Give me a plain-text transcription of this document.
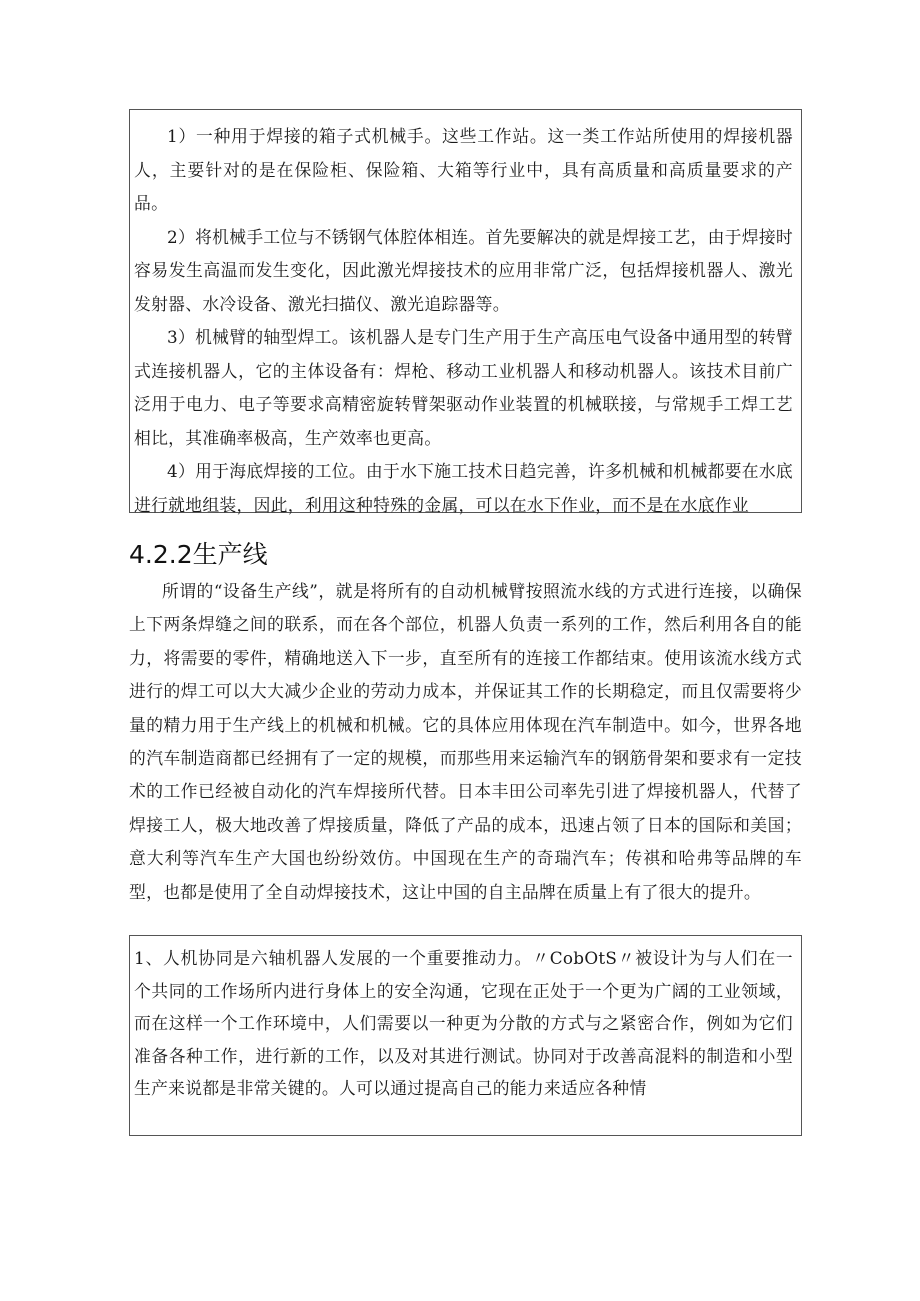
1）一种用于焊接的箱子式机械手。这些工作站。这一类工作站所使用的焊接机器人，主要针对的是在保险柜、保险箱、大箱等行业中，具有高质量和高质量要求的产品。

2）将机械手工位与不锈钢气体腔体相连。首先要解决的就是焊接工艺，由于焊接时容易发生高温而发生变化，因此激光焊接技术的应用非常广泛，包括焊接机器人、激光发射器、水冷设备、激光扫描仪、激光追踪器等。

3）机械臂的轴型焊工。该机器人是专门生产用于生产高压电气设备中通用型的转臂式连接机器人，它的主体设备有：焊枪、移动工业机器人和移动机器人。该技术目前广泛用于电力、电子等要求高精密旋转臂架驱动作业装置的机械联接，与常规手工焊工艺相比，其准确率极高，生产效率也更高。

4）用于海底焊接的工位。由于水下施工技术日趋完善，许多机械和机械都要在水底进行就地组装，因此，利用这种特殊的金属，可以在水下作业，而不是在水底作业

4.2.2生产线

所谓的“设备生产线”，就是将所有的自动机械臂按照流水线的方式进行连接，以确保上下两条焊缝之间的联系，而在各个部位，机器人负责一系列的工作，然后利用各自的能力，将需要的零件，精确地送入下一步，直至所有的连接工作都结束。使用该流水线方式进行的焊工可以大大减少企业的劳动力成本，并保证其工作的长期稳定，而且仅需要将少量的精力用于生产线上的机械和机械。它的具体应用体现在汽车制造中。如今，世界各地的汽车制造商都已经拥有了一定的规模，而那些用来运输汽车的钢筋骨架和要求有一定技术的工作已经被自动化的汽车焊接所代替。日本丰田公司率先引进了焊接机器人，代替了焊接工人，极大地改善了焊接质量，降低了产品的成本，迅速占领了日本的国际和美国；意大利等汽车生产大国也纷纷效仿。中国现在生产的奇瑞汽车；传祺和哈弗等品牌的车型，也都是使用了全自动焊接技术，这让中国的自主品牌在质量上有了很大的提升。

1、人机协同是六轴机器人发展的一个重要推动力。〃CobOtS〃被设计为与人们在一个共同的工作场所内进行身体上的安全沟通，它现在正处于一个更为广阔的工业领域，而在这样一个工作环境中，人们需要以一种更为分散的方式与之紧密合作，例如为它们准备各种工作，进行新的工作，以及对其进行测试。协同对于改善高混料的制造和小型生产来说都是非常关键的。人可以通过提高自己的能力来适应各种情
